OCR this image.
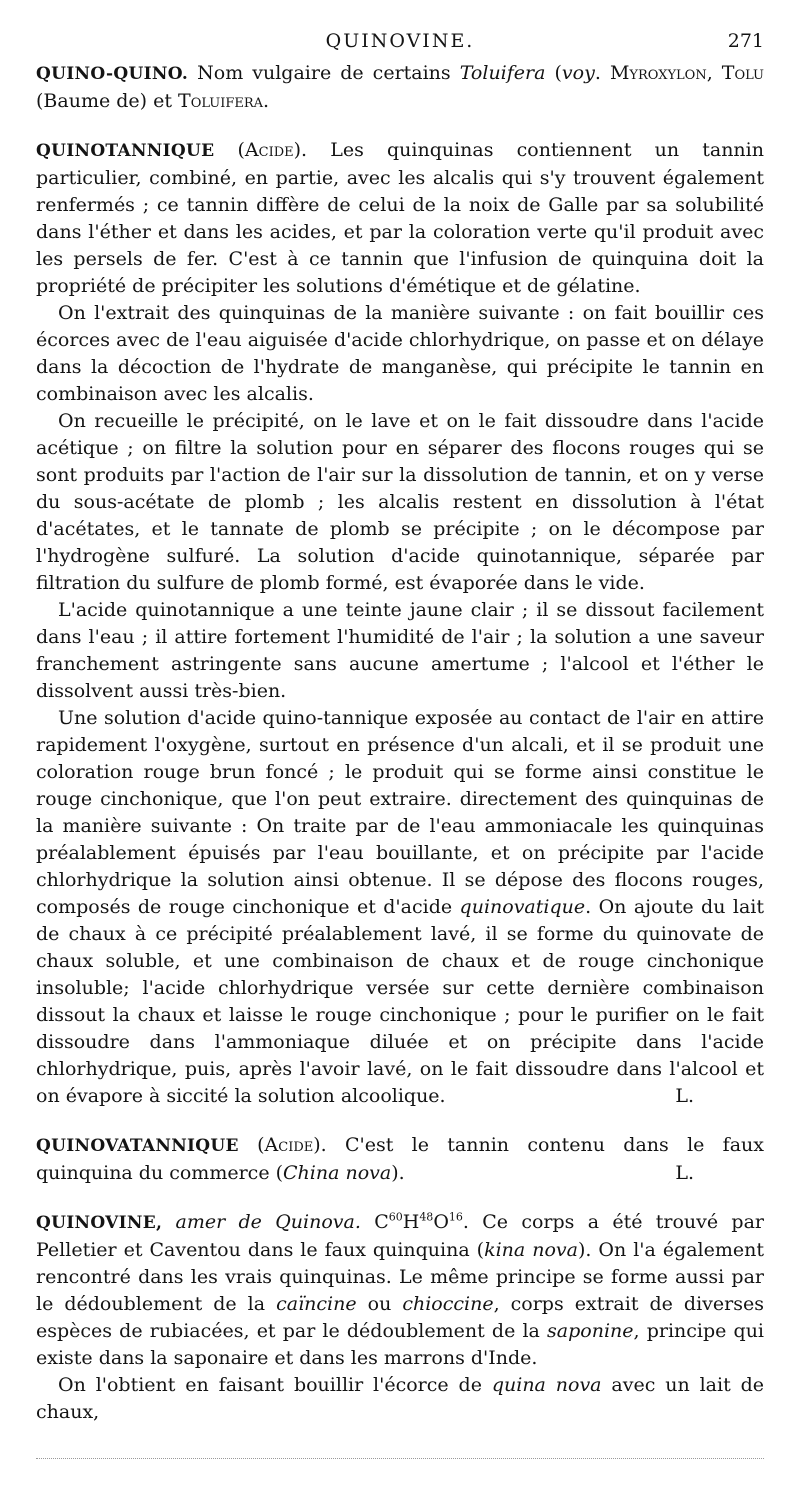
QUINOVINE.	271

QUINO-QUINO. Nom vulgaire de certains Toluifera (voy. Myroxylon, Tolu (Baume de) et Toluifera.

QUINOTANNIQUE (Acide). Les quinquinas contiennent un tannin particulier, combiné, en partie, avec les alcalis qui s'y trouvent également renfermés ; ce tannin diffère de celui de la noix de Galle par sa solubilité dans l'éther et dans les acides, et par la coloration verte qu'il produit avec les persels de fer. C'est à ce tannin que l'infusion de quinquina doit la propriété de précipiter les solutions d'émétique et de gélatine.

On l'extrait des quinquinas de la manière suivante : on fait bouillir ces écorces avec de l'eau aiguisée d'acide chlorhydrique, on passe et on délaye dans la décoction de l'hydrate de manganèse, qui précipite le tannin en combinaison avec les alcalis.

On recueille le précipité, on le lave et on le fait dissoudre dans l'acide acétique ; on filtre la solution pour en séparer des flocons rouges qui se sont produits par l'action de l'air sur la dissolution de tannin, et on y verse du sous-acétate de plomb ; les alcalis restent en dissolution à l'état d'acétates, et le tannate de plomb se précipite ; on le décompose par l'hydrogène sulfuré. La solution d'acide quinotannique, séparée par filtration du sulfure de plomb formé, est évaporée dans le vide.

L'acide quinotannique a une teinte jaune clair ; il se dissout facilement dans l'eau ; il attire fortement l'humidité de l'air ; la solution a une saveur franchement astringente sans aucune amertume ; l'alcool et l'éther le dissolvent aussi très-bien.

Une solution d'acide quino-tannique exposée au contact de l'air en attire rapidement l'oxygène, surtout en présence d'un alcali, et il se produit une coloration rouge brun foncé ; le produit qui se forme ainsi constitue le rouge cinchonique, que l'on peut extraire. directement des quinquinas de la manière suivante : On traite par de l'eau ammoniacale les quinquinas préalablement épuisés par l'eau bouillante, et on précipite par l'acide chlorhydrique la solution ainsi obtenue. Il se dépose des flocons rouges, composés de rouge cinchonique et d'acide quinovatique. On ajoute du lait de chaux à ce précipité préalablement lavé, il se forme du quinovate de chaux soluble, et une combinaison de chaux et de rouge cinchonique insoluble; l'acide chlorhydrique versée sur cette dernière combinaison dissout la chaux et laisse le rouge cinchonique ; pour le purifier on le fait dissoudre dans l'ammoniaque diluée et on précipite dans l'acide chlorhydrique, puis, après l'avoir lavé, on le fait dissoudre dans l'alcool et on évapore à siccité la solution alcoolique.	L.

QUINOVATANNIQUE (Acide). C'est le tannin contenu dans le faux quinquina du commerce (China nova).	L.

QUINOVINE, amer de Quinova. $C^{60}H^{48}O^{16}$. Ce corps a été trouvé par Pelletier et Caventou dans le faux quinquina (kina nova). On l'a également rencontré dans les vrais quinquinas. Le même principe se forme aussi par le dédoublement de la caïncine ou chioccine, corps extrait de diverses espèces de rubiacées, et par le dédoublement de la saponine, principe qui existe dans la saponaire et dans les marrons d'Inde.

On l'obtient en faisant bouillir l'écorce de quina nova avec un lait de chaux,
